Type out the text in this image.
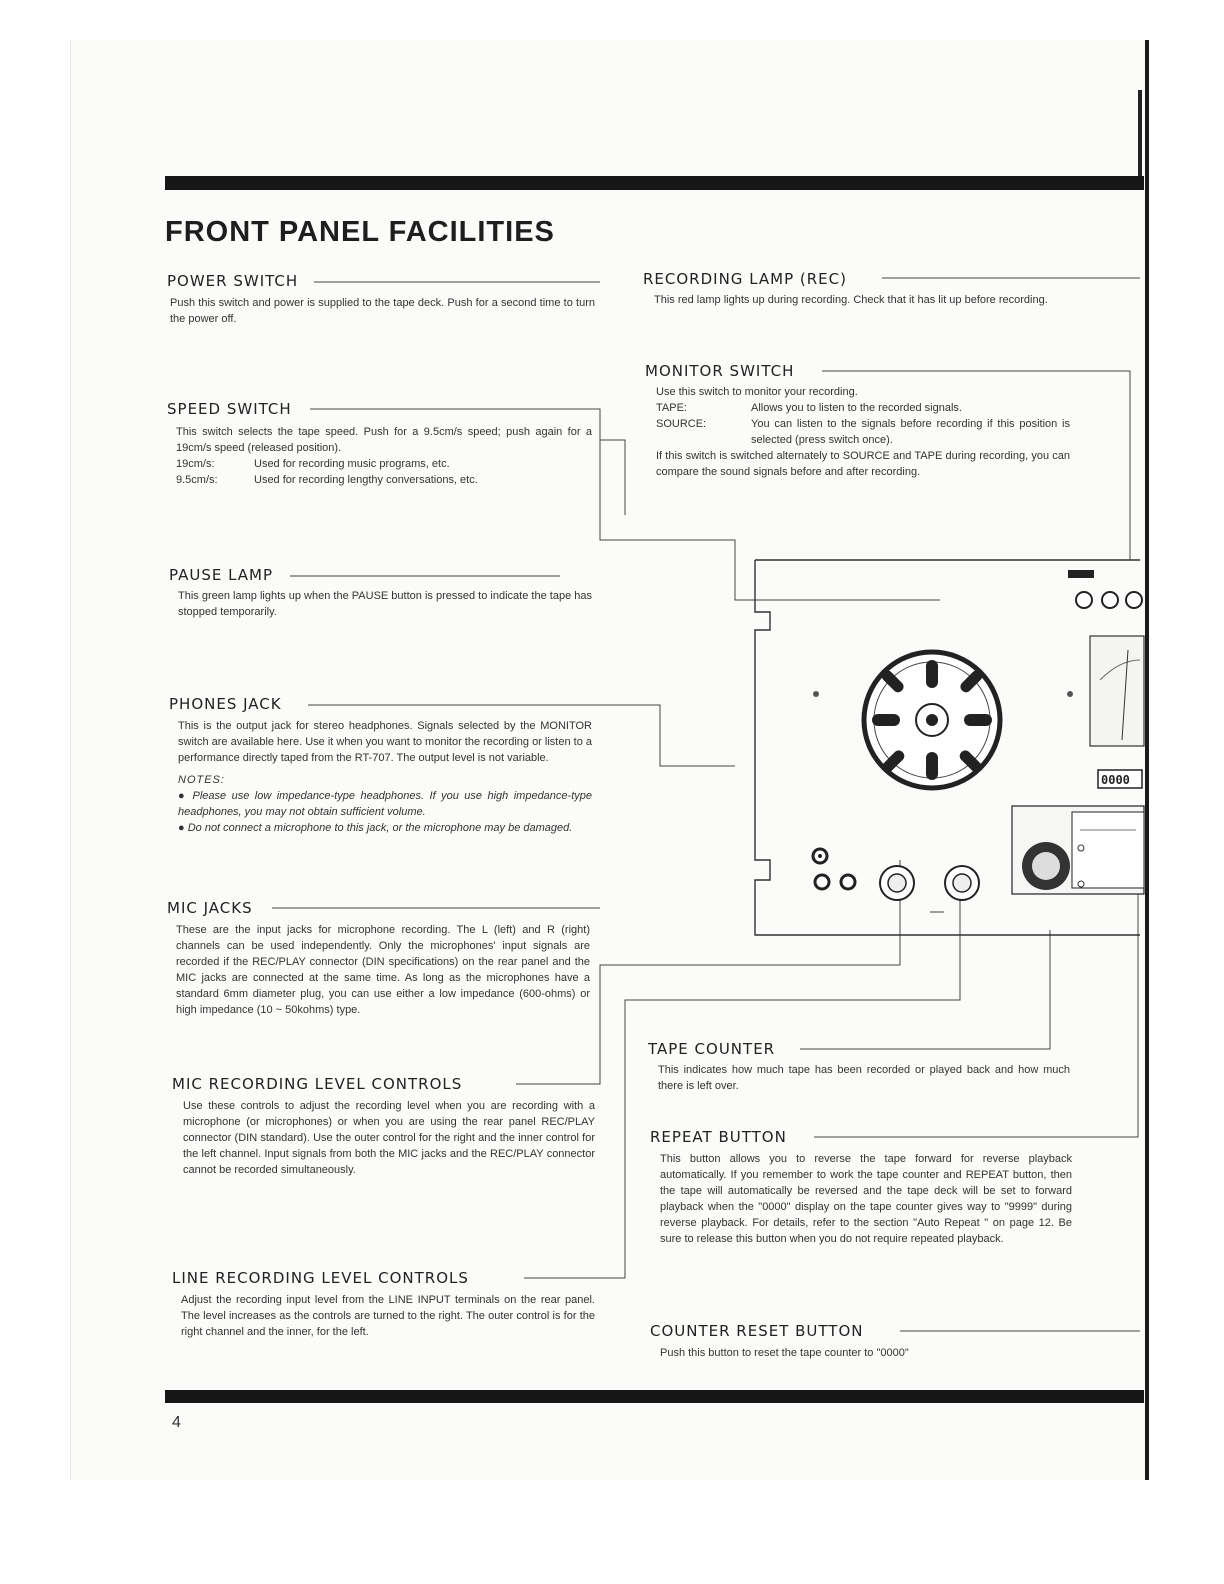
FRONT PANEL FACILITIES
0000
POWER SWITCH

Push this switch and power is supplied to the tape deck. Push for a second time to turn the power off.

SPEED SWITCH

This switch selects the tape speed. Push for a 9.5cm/s speed; push again for a 19cm/s speed (released position).

19cm/s:	Used for recording music programs, etc.
9.5cm/s:	Used for recording lengthy conversations, etc.
PAUSE LAMP

This green lamp lights up when the PAUSE button is pressed to indicate the tape has stopped temporarily.

PHONES JACK

This is the output jack for stereo headphones. Signals selected by the MONITOR switch are available here. Use it when you want to monitor the recording or listen to a performance directly taped from the RT-707. The output level is not variable.

NOTES:

● Please use low impedance-type headphones. If you use high impedance-type headphones, you may not obtain sufficient volume.

● Do not connect a microphone to this jack, or the microphone may be damaged.

MIC JACKS

These are the input jacks for microphone recording. The L (left) and R (right) channels can be used independently. Only the microphones' input signals are recorded if the REC/PLAY connector (DIN specifications) on the rear panel and the MIC jacks are connected at the same time. As long as the microphones have a standard 6mm diameter plug, you can use either a low impedance (600-ohms) or high impedance (10 ~ 50kohms) type.

MIC RECORDING LEVEL CONTROLS

Use these controls to adjust the recording level when you are recording with a microphone (or microphones) or when you are using the rear panel REC/PLAY connector (DIN standard). Use the outer control for the right and the inner control for the left channel. Input signals from both the MIC jacks and the REC/PLAY connector cannot be recorded simultaneously.

LINE RECORDING LEVEL CONTROLS

Adjust the recording input level from the LINE INPUT terminals on the rear panel. The level increases as the controls are turned to the right. The outer control is for the right channel and the inner, for the left.

RECORDING LAMP (REC)

This red lamp lights up during recording. Check that it has lit up before recording.

MONITOR SWITCH

Use this switch to monitor your recording.

TAPE:	Allows you to listen to the recorded signals.
SOURCE:	You can listen to the signals before recording if this position is selected (press switch once).

If this switch is switched alternately to SOURCE and TAPE during recording, you can compare the sound signals before and after recording.

TAPE COUNTER

This indicates how much tape has been recorded or played back and how much there is left over.

REPEAT BUTTON

This button allows you to reverse the tape forward for reverse playback automatically. If you remember to work the tape counter and REPEAT button, then the tape will automatically be reversed and the tape deck will be set to forward playback when the "0000" display on the tape counter gives way to "9999" during reverse playback. For details, refer to the section "Auto Repeat " on page 12. Be sure to release this button when you do not require repeated playback.

COUNTER RESET BUTTON

Push this button to reset the tape counter to "0000"

4
